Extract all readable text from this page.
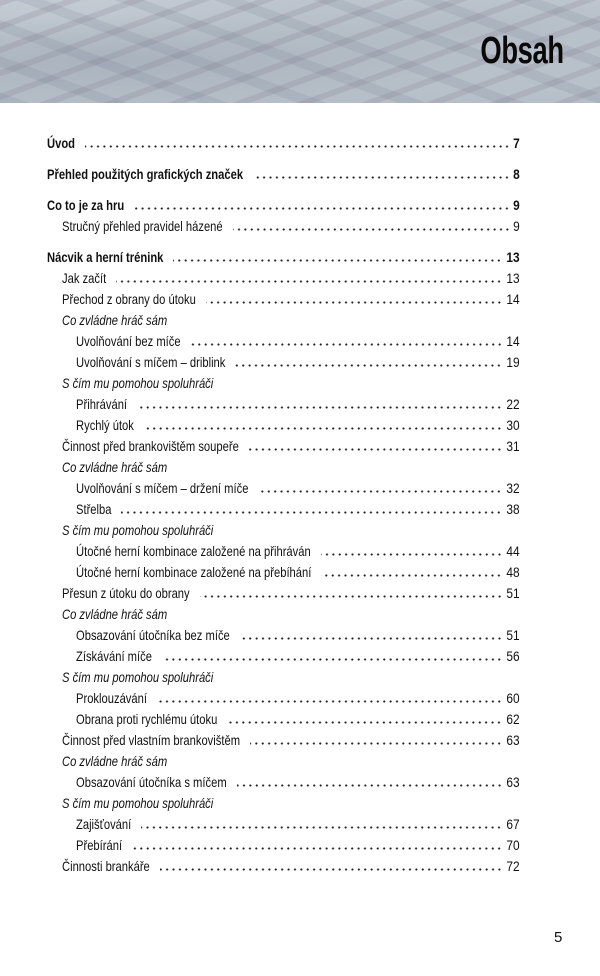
Obsah
Úvod	7
Přehled použitých grafických značek	8
Co to je za hru	9
Stručný přehled pravidel házené	9
Nácvik a herní trénink	13
Jak začít	13
Přechod z obrany do útoku	14
Co zvládne hráč sám
Uvolňování bez míče	14
Uvolňování s míčem – driblink	19
S čím mu pomohou spoluhráči
Přihrávání	22
Rychlý útok	30
Činnost před brankovištěm soupeře	31
Co zvládne hráč sám
Uvolňování s míčem – držení míče	32
Střelba	38
S čím mu pomohou spoluhráči
Útočné herní kombinace založené na přihráván	44
Útočné herní kombinace založené na přebíhání	48
Přesun z útoku do obrany	51
Co zvládne hráč sám
Obsazování útočníka bez míče	51
Získávání míče	56
S čím mu pomohou spoluhráči
Proklouzávání	60
Obrana proti rychlému útoku	62
Činnost před vlastním brankovištěm	63
Co zvládne hráč sám
Obsazování útočníka s míčem	63
S čím mu pomohou spoluhráči
Zajišťování	67
Přebírání	70
Činnosti brankáře	72
5
